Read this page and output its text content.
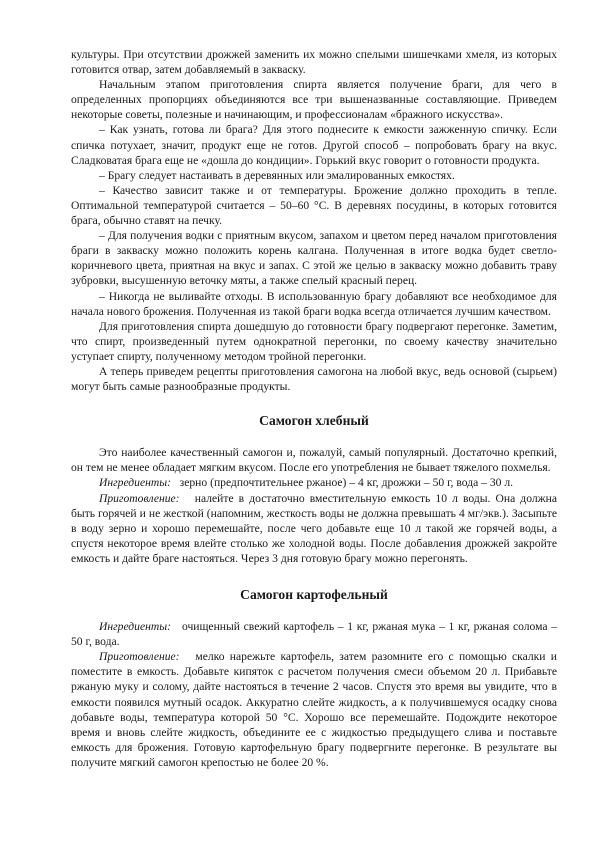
культуры. При отсутствии дрожжей заменить их можно спелыми шишечками хмеля, из которых готовится отвар, затем добавляемый в закваску.

Начальным этапом приготовления спирта является получение браги, для чего в определенных пропорциях объединяются все три вышеназванные составляющие. Приведем некоторые советы, полезные и начинающим, и профессионалам «бражного искусства».

– Как узнать, готова ли брага? Для этого поднесите к емкости зажженную спичку. Если спичка потухает, значит, продукт еще не готов. Другой способ – попробовать брагу на вкус. Сладковатая брага еще не «дошла до кондиции». Горький вкус говорит о готовности продукта.

– Брагу следует настаивать в деревянных или эмалированных емкостях.

– Качество зависит также и от температуры. Брожение должно проходить в тепле. Оптимальной температурой считается – 50–60 °С. В деревнях посудины, в которых готовится брага, обычно ставят на печку.

– Для получения водки с приятным вкусом, запахом и цветом перед началом приготовления браги в закваску можно положить корень калгана. Полученная в итоге водка будет светло-коричневого цвета, приятная на вкус и запах. С этой же целью в закваску можно добавить траву зубровки, высушенную веточку мяты, а также спелый красный перец.

– Никогда не выливайте отходы. В использованную брагу добавляют все необходимое для начала нового брожения. Полученная из такой браги водка всегда отличается лучшим качеством.

Для приготовления спирта дошедшую до готовности брагу подвергают перегонке. Заметим, что спирт, произведенный путем однократной перегонки, по своему качеству значительно уступает спирту, полученному методом тройной перегонки.

А теперь приведем рецепты приготовления самогона на любой вкус, ведь основой (сырьем) могут быть самые разнообразные продукты.

Самогон хлебный

Это наиболее качественный самогон и, пожалуй, самый популярный. Достаточно крепкий, он тем не менее обладает мягким вкусом. После его употребления не бывает тяжелого похмелья.

Ингредиенты: зерно (предпочтительнее ржаное) – 4 кг, дрожжи – 50 г, вода – 30 л.

Приготовление: налейте в достаточно вместительную емкость 10 л воды. Она должна быть горячей и не жесткой (напомним, жесткость воды не должна превышать 4 мг/экв.). Засыпьте в воду зерно и хорошо перемешайте, после чего добавьте еще 10 л такой же горячей воды, а спустя некоторое время влейте столько же холодной воды. После добавления дрожжей закройте емкость и дайте браге настояться. Через 3 дня готовую брагу можно перегонять.

Самогон картофельный

Ингредиенты: очищенный свежий картофель – 1 кг, ржаная мука – 1 кг, ржаная солома – 50 г, вода.

Приготовление: мелко нарежьте картофель, затем разомните его с помощью скалки и поместите в емкость. Добавьте кипяток с расчетом получения смеси объемом 20 л. Прибавьте ржаную муку и солому, дайте настояться в течение 2 часов. Спустя это время вы увидите, что в емкости появился мутный осадок. Аккуратно слейте жидкость, а к получившемуся осадку снова добавьте воды, температура которой 50 °С. Хорошо все перемешайте. Подождите некоторое время и вновь слейте жидкость, объедините ее с жидкостью предыдущего слива и поставьте емкость для брожения. Готовую картофельную брагу подвергните перегонке. В результате вы получите мягкий самогон крепостью не более 20 %.
